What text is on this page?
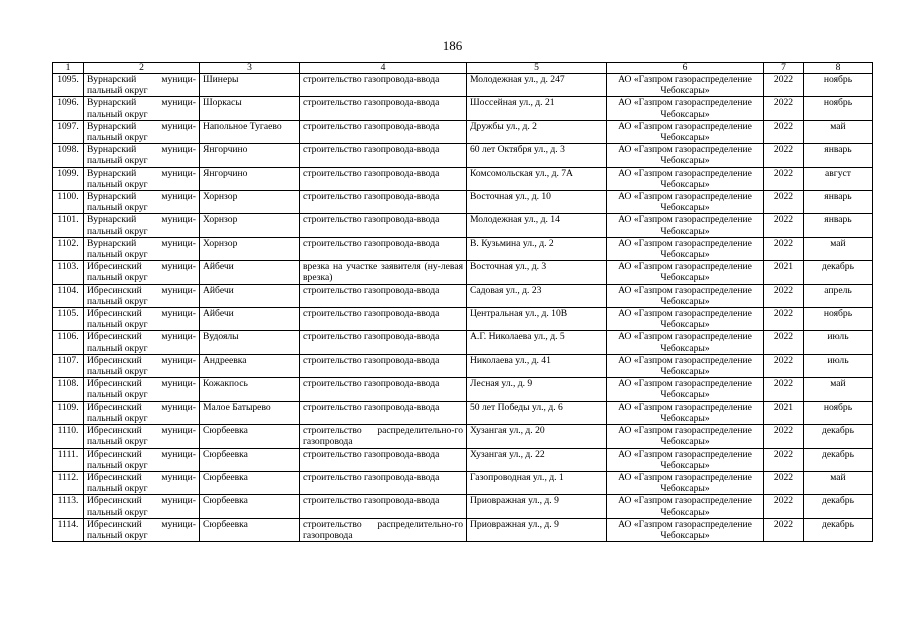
186
1	2	3	4	5	6	7	8
1095.	Вурнарский муници-пальный округ	Шинеры	строительство газопровода-ввода	Молодежная ул., д. 247	АО «Газпром газораспределение Чебоксары»	2022	ноябрь
1096.	Вурнарский муници-пальный округ	Шоркасы	строительство газопровода-ввода	Шоссейная ул., д. 21	АО «Газпром газораспределение Чебоксары»	2022	ноябрь
1097.	Вурнарский муници-пальный округ	Напольное Тугаево	строительство газопровода-ввода	Дружбы ул., д. 2	АО «Газпром газораспределение Чебоксары»	2022	май
1098.	Вурнарский муници-пальный округ	Янгорчино	строительство газопровода-ввода	60 лет Октября ул., д. 3	АО «Газпром газораспределение Чебоксары»	2022	январь
1099.	Вурнарский муници-пальный округ	Янгорчино	строительство газопровода-ввода	Комсомольская ул., д. 7А	АО «Газпром газораспределение Чебоксары»	2022	август
1100.	Вурнарский муници-пальный округ	Хорнзор	строительство газопровода-ввода	Восточная ул., д. 10	АО «Газпром газораспределение Чебоксары»	2022	январь
1101.	Вурнарский муници-пальный округ	Хорнзор	строительство газопровода-ввода	Молодежная ул., д. 14	АО «Газпром газораспределение Чебоксары»	2022	январь
1102.	Вурнарский муници-пальный округ	Хорнзор	строительство газопровода-ввода	В. Кузьмина ул., д. 2	АО «Газпром газораспределение Чебоксары»	2022	май
1103.	Ибресинский муници-пальный округ	Айбечи	врезка на участке заявителя (ну-левая врезка)	Восточная ул., д. 3	АО «Газпром газораспределение Чебоксары»	2021	декабрь
1104.	Ибресинский муници-пальный округ	Айбечи	строительство газопровода-ввода	Садовая ул., д. 23	АО «Газпром газораспределение Чебоксары»	2022	апрель
1105.	Ибресинский муници-пальный округ	Айбечи	строительство газопровода-ввода	Центральная ул., д. 10В	АО «Газпром газораспределение Чебоксары»	2022	ноябрь
1106.	Ибресинский муници-пальный округ	Вудоялы	строительство газопровода-ввода	А.Г. Николаева ул., д. 5	АО «Газпром газораспределение Чебоксары»	2022	июль
1107.	Ибресинский муници-пальный округ	Андреевка	строительство газопровода-ввода	Николаева ул., д. 41	АО «Газпром газораспределение Чебоксары»	2022	июль
1108.	Ибресинский муници-пальный округ	Кожакпось	строительство газопровода-ввода	Лесная ул., д. 9	АО «Газпром газораспределение Чебоксары»	2022	май
1109.	Ибресинский муници-пальный округ	Малое Батырево	строительство газопровода-ввода	50 лет Победы ул., д. 6	АО «Газпром газораспределение Чебоксары»	2021	ноябрь
1110.	Ибресинский муници-пальный округ	Сюрбеевка	строительство распределительно-го газопровода	Хузангая ул., д. 20	АО «Газпром газораспределение Чебоксары»	2022	декабрь
1111.	Ибресинский муници-пальный округ	Сюрбеевка	строительство газопровода-ввода	Хузангая ул., д. 22	АО «Газпром газораспределение Чебоксары»	2022	декабрь
1112.	Ибресинский муници-пальный округ	Сюрбеевка	строительство газопровода-ввода	Газопроводная ул., д. 1	АО «Газпром газораспределение Чебоксары»	2022	май
1113.	Ибресинский муници-пальный округ	Сюрбеевка	строительство газопровода-ввода	Приовражная ул., д. 9	АО «Газпром газораспределение Чебоксары»	2022	декабрь
1114.	Ибресинский муници-пальный округ	Сюрбеевка	строительство распределительно-го газопровода	Приовражная ул., д. 9	АО «Газпром газораспределение Чебоксары»	2022	декабрь
